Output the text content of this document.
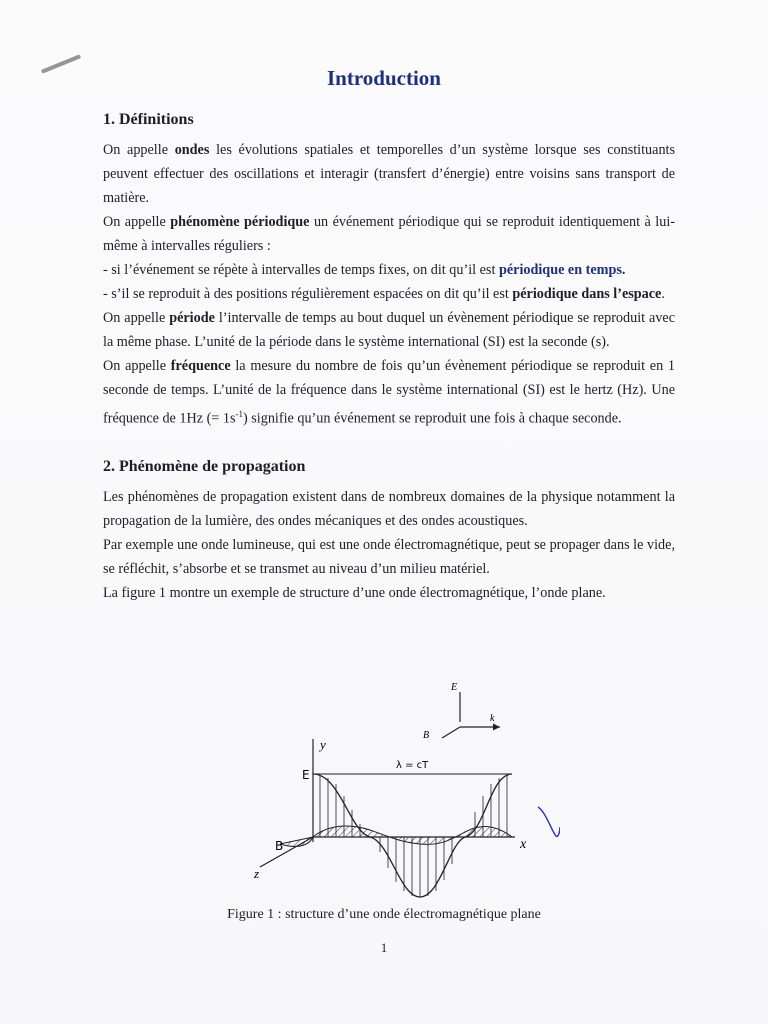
Introduction
1. Définitions

On appelle ondes les évolutions spatiales et temporelles d’un système lorsque ses constituants peuvent effectuer des oscillations et interagir (transfert d’énergie) entre voisins sans transport de matière.

On appelle phénomène périodique un événement périodique qui se reproduit identiquement à lui-même à intervalles réguliers :

- si l’événement se répète à intervalles de temps fixes, on dit qu’il est périodique en temps.

- s’il se reproduit à des positions régulièrement espacées on dit qu’il est périodique dans l’espace.

On appelle période l’intervalle de temps au bout duquel un évènement périodique se reproduit avec la même phase. L’unité de la période dans le système international (SI) est la seconde (s).

On appelle fréquence la mesure du nombre de fois qu’un évènement périodique se reproduit en 1 seconde de temps. L’unité de la fréquence dans le système international (SI) est le hertz (Hz). Une fréquence de 1Hz (= $1s^{-1}$) signifie qu’un événement se reproduit une fois à chaque seconde.

2. Phénomène de propagation

Les phénomènes de propagation existent dans de nombreux domaines de la physique notamment la propagation de la lumière, des ondes mécaniques et des ondes acoustiques.

Par exemple une onde lumineuse, qui est une onde électromagnétique, peut se propager dans le vide, se réfléchit, s’absorbe et se transmet au niveau d’un milieu matériel.

La figure 1 montre un exemple de structure d’une onde électromagnétique, l’onde plane.

E
k
B
y
x
z
λ = cT
B
E
Figure 1 : structure d’une onde électromagnétique plane
1
